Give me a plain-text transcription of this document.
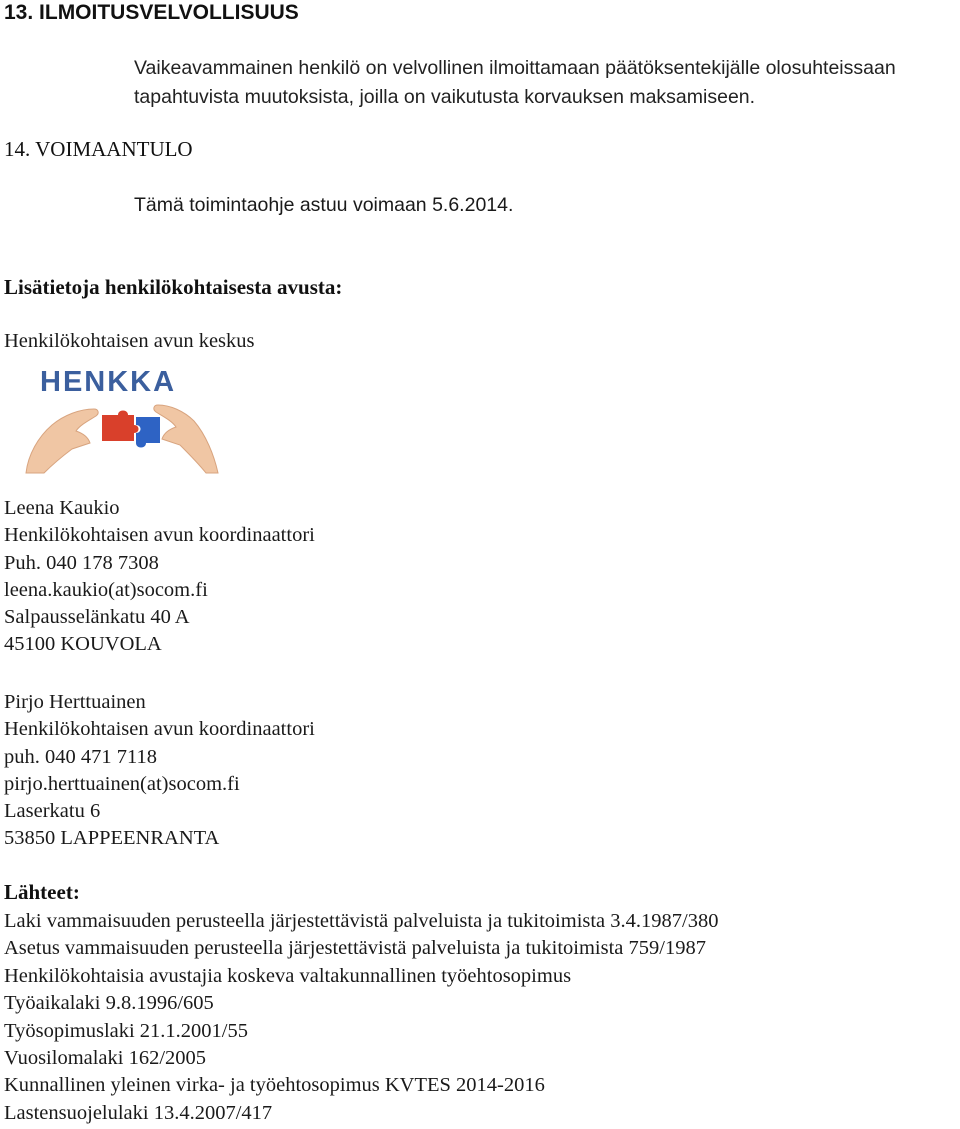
13. ILMOITUSVELVOLLISUUS

Vaikeavammainen henkilö on velvollinen ilmoittamaan päätöksentekijälle olosuhteissaan tapahtuvista muutoksista, joilla on vaikutusta korvauksen maksamiseen.

14. VOIMAANTULO
Tämä toimintaohje astuu voimaan 5.6.2014.
Lisätietoja henkilökohtaisesta avusta:
Henkilökohtaisen avun keskus
HENKKA
Leena Kaukio
Henkilökohtaisen avun koordinaattori
Puh. 040 178 7308
leena.kaukio(at)socom.fi
Salpausselänkatu 40 A
45100 KOUVOLA
Pirjo Herttuainen
Henkilökohtaisen avun koordinaattori
puh. 040 471 7118
pirjo.herttuainen(at)socom.fi
Laserkatu 6
53850 LAPPEENRANTA
Lähteet:
Laki vammaisuuden perusteella järjestettävistä palveluista ja tukitoimista 3.4.1987/380
Asetus vammaisuuden perusteella järjestettävistä palveluista ja tukitoimista 759/1987
Henkilökohtaisia avustajia koskeva valtakunnallinen työehtosopimus
Työaikalaki 9.8.1996/605
Työsopimuslaki 21.1.2001/55
Vuosilomalaki 162/2005
Kunnallinen yleinen virka- ja työehtosopimus KVTES 2014-2016
Lastensuojelulaki 13.4.2007/417
